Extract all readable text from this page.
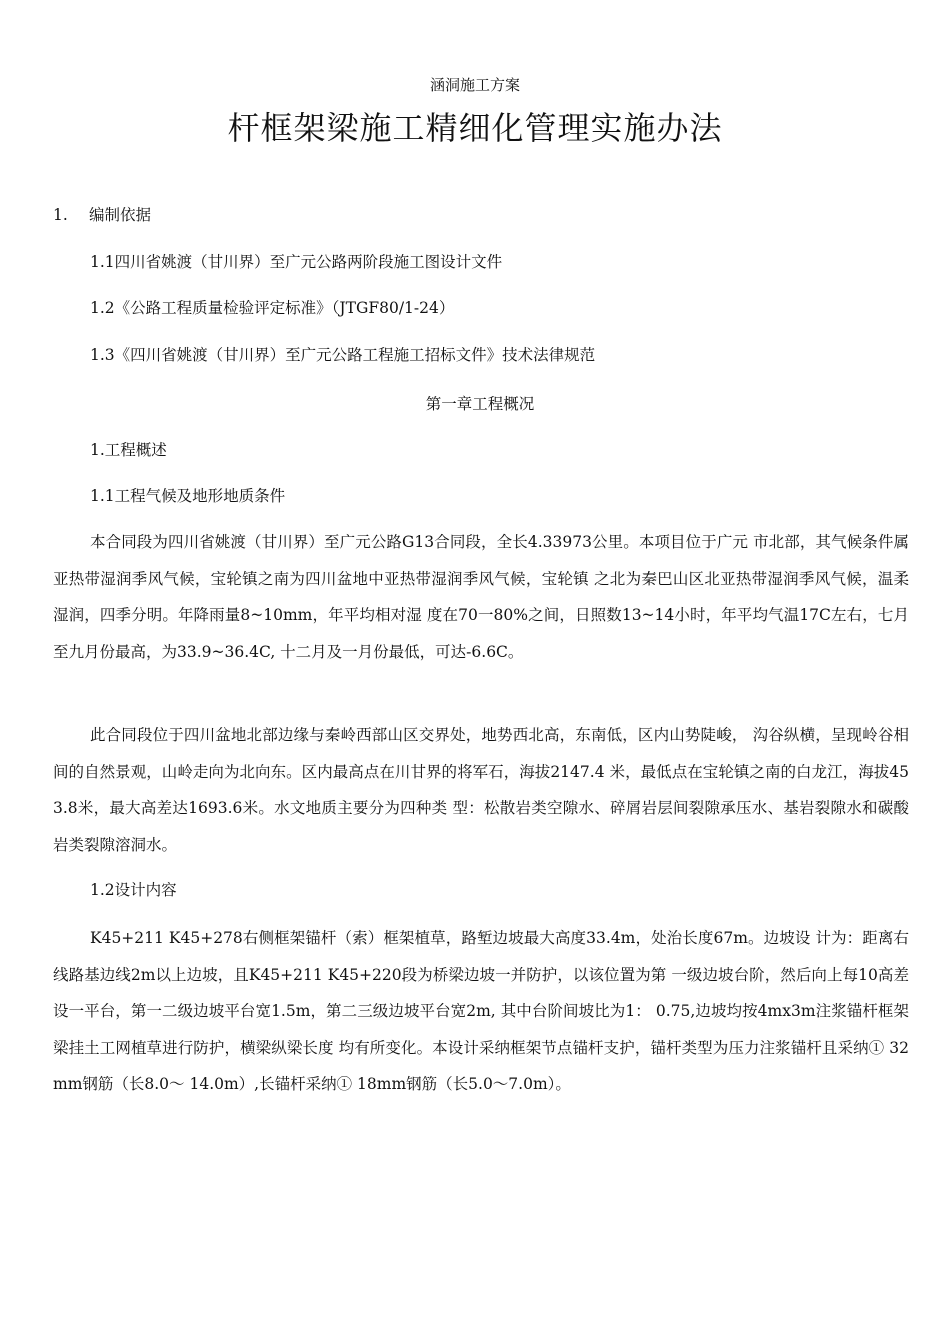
涵洞施工方案
杆框架梁施工精细化管理实施办法
1. 编制依据
1.1四川省姚渡（甘川界）至广元公路两阶段施工图设计文件
1.2《公路工程质量检验评定标准》（JTGF80/1-24）
1.3《四川省姚渡（甘川界）至广元公路工程施工招标文件》技术法律规范
第一章工程概况
1.工程概述
1.1工程气候及地形地质条件
本合同段为四川省姚渡（甘川界）至广元公路G13合同段，全长4.33973公里。本项目位于广元 市北部，其气候条件属亚热带湿润季风气候，宝轮镇之南为四川盆地中亚热带湿润季风气候，宝轮镇 之北为秦巴山区北亚热带湿润季风气候，温柔湿润，四季分明。年降雨量8~10mm，年平均相对湿 度在70一80%之间，日照数13~14小时，年平均气温17C左右，七月至九月份最高，为33.9~36.4C, 十二月及一月份最低，可达-6.6C。
此合同段位于四川盆地北部边缘与秦岭西部山区交界处，地势西北高，东南低，区内山势陡峻， 沟谷纵横，呈现岭谷相间的自然景观，山岭走向为北向东。区内最高点在川甘界的将军石，海拔2147.4 米，最低点在宝轮镇之南的白龙江，海拔453.8米，最大高差达1693.6米。水文地质主要分为四种类 型：松散岩类空隙水、碎屑岩层间裂隙承压水、基岩裂隙水和碳酸岩类裂隙溶洞水。
1.2设计内容
K45+211 K45+278右侧框架锚杆（索）框架植草，路堑边坡最大高度33.4m，处治长度67m。边坡设 计为：距离右线路基边线2m以上边坡，且K45+211 K45+220段为桥梁边坡一并防护，以该位置为第 一级边坡台阶，然后向上每10高差设一平台，第一二级边坡平台宽1.5m，第二三级边坡平台宽2m, 其中台阶间坡比为1： 0.75,边坡均按4mx3m注浆锚杆框架梁挂土工网植草进行防护，横梁纵梁长度 均有所变化。本设计采纳框架节点锚杆支护，锚杆类型为压力注浆锚杆且采纳① 32mm钢筋（长8.0〜 14.0m）,长锚杆采纳① 18mm钢筋（长5.0〜7.0m）。
